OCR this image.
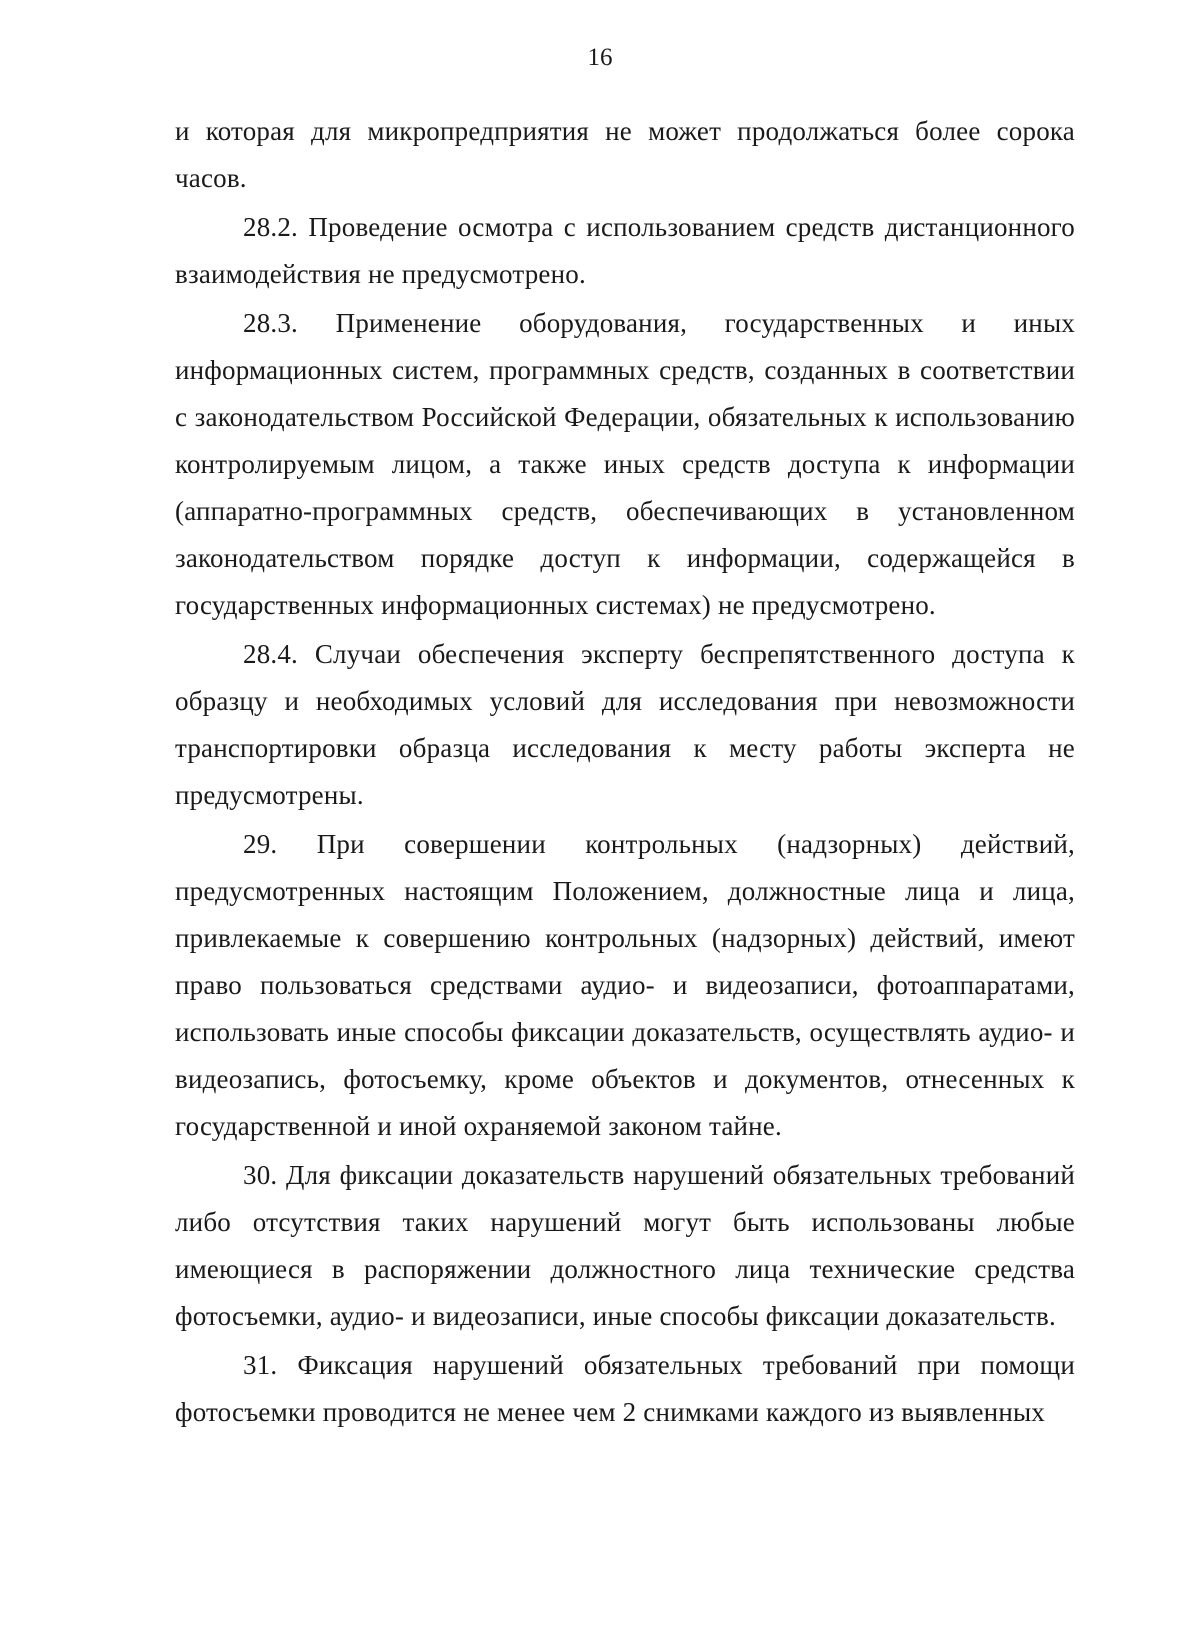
16

и которая для микропредприятия не может продолжаться более сорока часов.

28.2. Проведение осмотра с использованием средств дистанционного взаимодействия не предусмотрено.

28.3. Применение оборудования, государственных и иных информационных систем, программных средств, созданных в соответствии с законодательством Российской Федерации, обязательных к использованию контролируемым лицом, а также иных средств доступа к информации (аппаратно-программных средств, обеспечивающих в установленном законодательством порядке доступ к информации, содержащейся в государственных информационных системах) не предусмотрено.

28.4. Случаи обеспечения эксперту беспрепятственного доступа к образцу и необходимых условий для исследования при невозможности транспортировки образца исследования к месту работы эксперта не предусмотрены.

29. При совершении контрольных (надзорных) действий, предусмотренных настоящим Положением, должностные лица и лица, привлекаемые к совершению контрольных (надзорных) действий, имеют право пользоваться средствами аудио- и видеозаписи, фотоаппаратами, использовать иные способы фиксации доказательств, осуществлять аудио- и видеозапись, фотосъемку, кроме объектов и документов, отнесенных к государственной и иной охраняемой законом тайне.

30. Для фиксации доказательств нарушений обязательных требований либо отсутствия таких нарушений могут быть использованы любые имеющиеся в распоряжении должностного лица технические средства фотосъемки, аудио- и видеозаписи, иные способы фиксации доказательств.

31. Фиксация нарушений обязательных требований при помощи фотосъемки проводится не менее чем 2 снимками каждого из выявленных
